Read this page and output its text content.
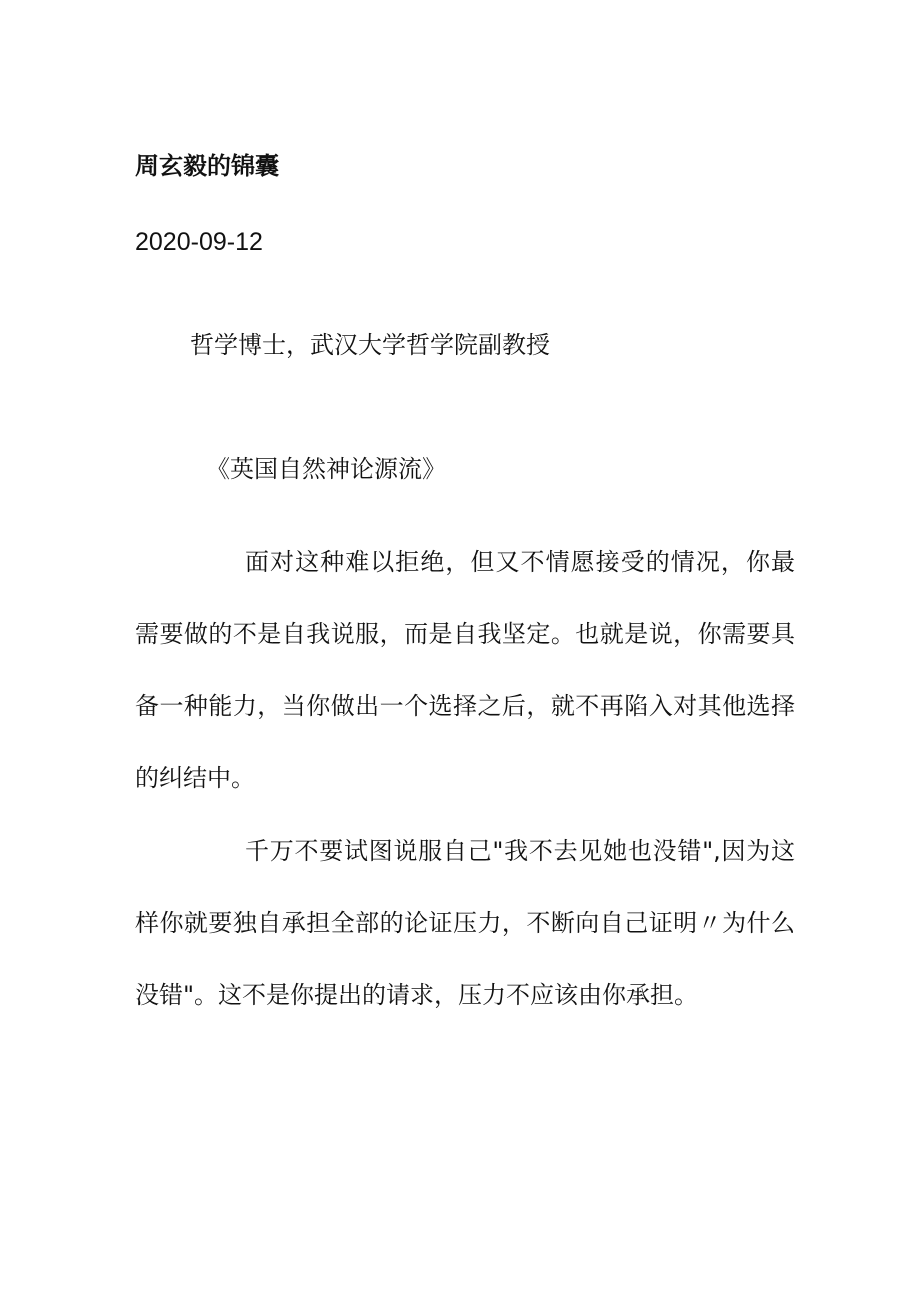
周玄毅的锦囊
2020-09-12
哲学博士，武汉大学哲学院副教授
《英国自然神论源流》

面对这种难以拒绝，但又不情愿接受的情况，你最需要做的不是自我说服，而是自我坚定。也就是说，你需要具备一种能力，当你做出一个选择之后，就不再陷入对其他选择的纠结中。

千万不要试图说服自己"我不去见她也没错",因为这样你就要独自承担全部的论证压力，不断向自己证明〃为什么没错"。这不是你提出的请求，压力不应该由你承担。
